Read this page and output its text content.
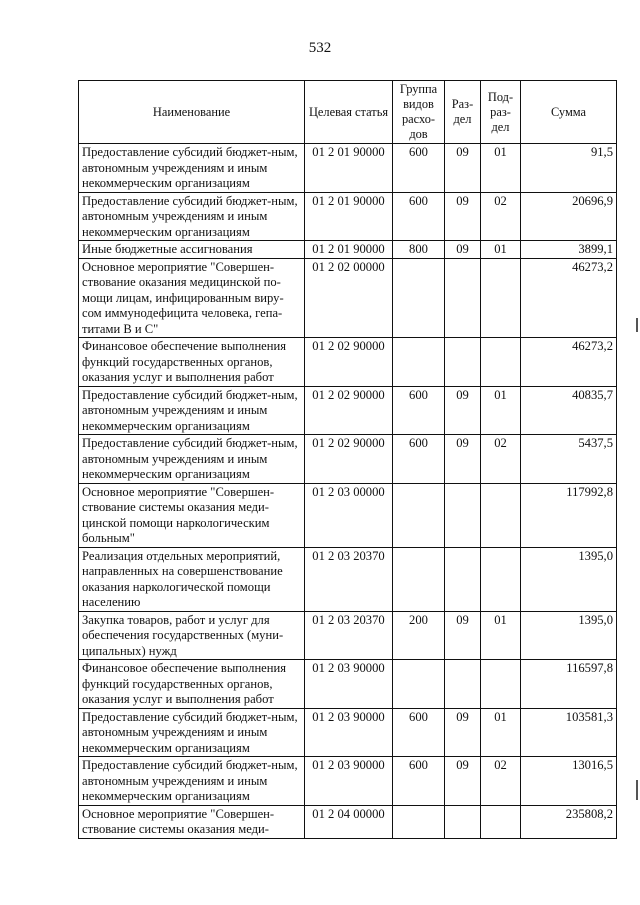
532
Наименование	Целевая статья	Группа видов расхо-дов	Раз-дел	Под-раз-дел	Сумма
Предоставление субсидий бюджет-ным, автономным учреждениям и иным некоммерческим организациям	01 2 01 90000	600	09	01	91,5
Предоставление субсидий бюджет-ным, автономным учреждениям и иным некоммерческим организациям	01 2 01 90000	600	09	02	20696,9
Иные бюджетные ассигнования	01 2 01 90000	800	09	01	3899,1
Основное мероприятие "Совершен-ствование оказания медицинской по-мощи лицам, инфицированным виру-сом иммунодефицита человека, гепа-титами В и С"	01 2 02 00000				46273,2
Финансовое обеспечение выполнения функций государственных органов, оказания услуг и выполнения работ	01 2 02 90000				46273,2
Предоставление субсидий бюджет-ным, автономным учреждениям и иным некоммерческим организациям	01 2 02 90000	600	09	01	40835,7
Предоставление субсидий бюджет-ным, автономным учреждениям и иным некоммерческим организациям	01 2 02 90000	600	09	02	5437,5
Основное мероприятие "Совершен-ствование системы оказания меди-цинской помощи наркологическим больным"	01 2 03 00000				117992,8
Реализация отдельных мероприятий, направленных на совершенствование оказания наркологической помощи населению	01 2 03 20370				1395,0
Закупка товаров, работ и услуг для обеспечения государственных (муни-ципальных) нужд	01 2 03 20370	200	09	01	1395,0
Финансовое обеспечение выполнения функций государственных органов, оказания услуг и выполнения работ	01 2 03 90000				116597,8
Предоставление субсидий бюджет-ным, автономным учреждениям и иным некоммерческим организациям	01 2 03 90000	600	09	01	103581,3
Предоставление субсидий бюджет-ным, автономным учреждениям и иным некоммерческим организациям	01 2 03 90000	600	09	02	13016,5
Основное мероприятие "Совершен-ствование системы оказания меди-	01 2 04 00000				235808,2
